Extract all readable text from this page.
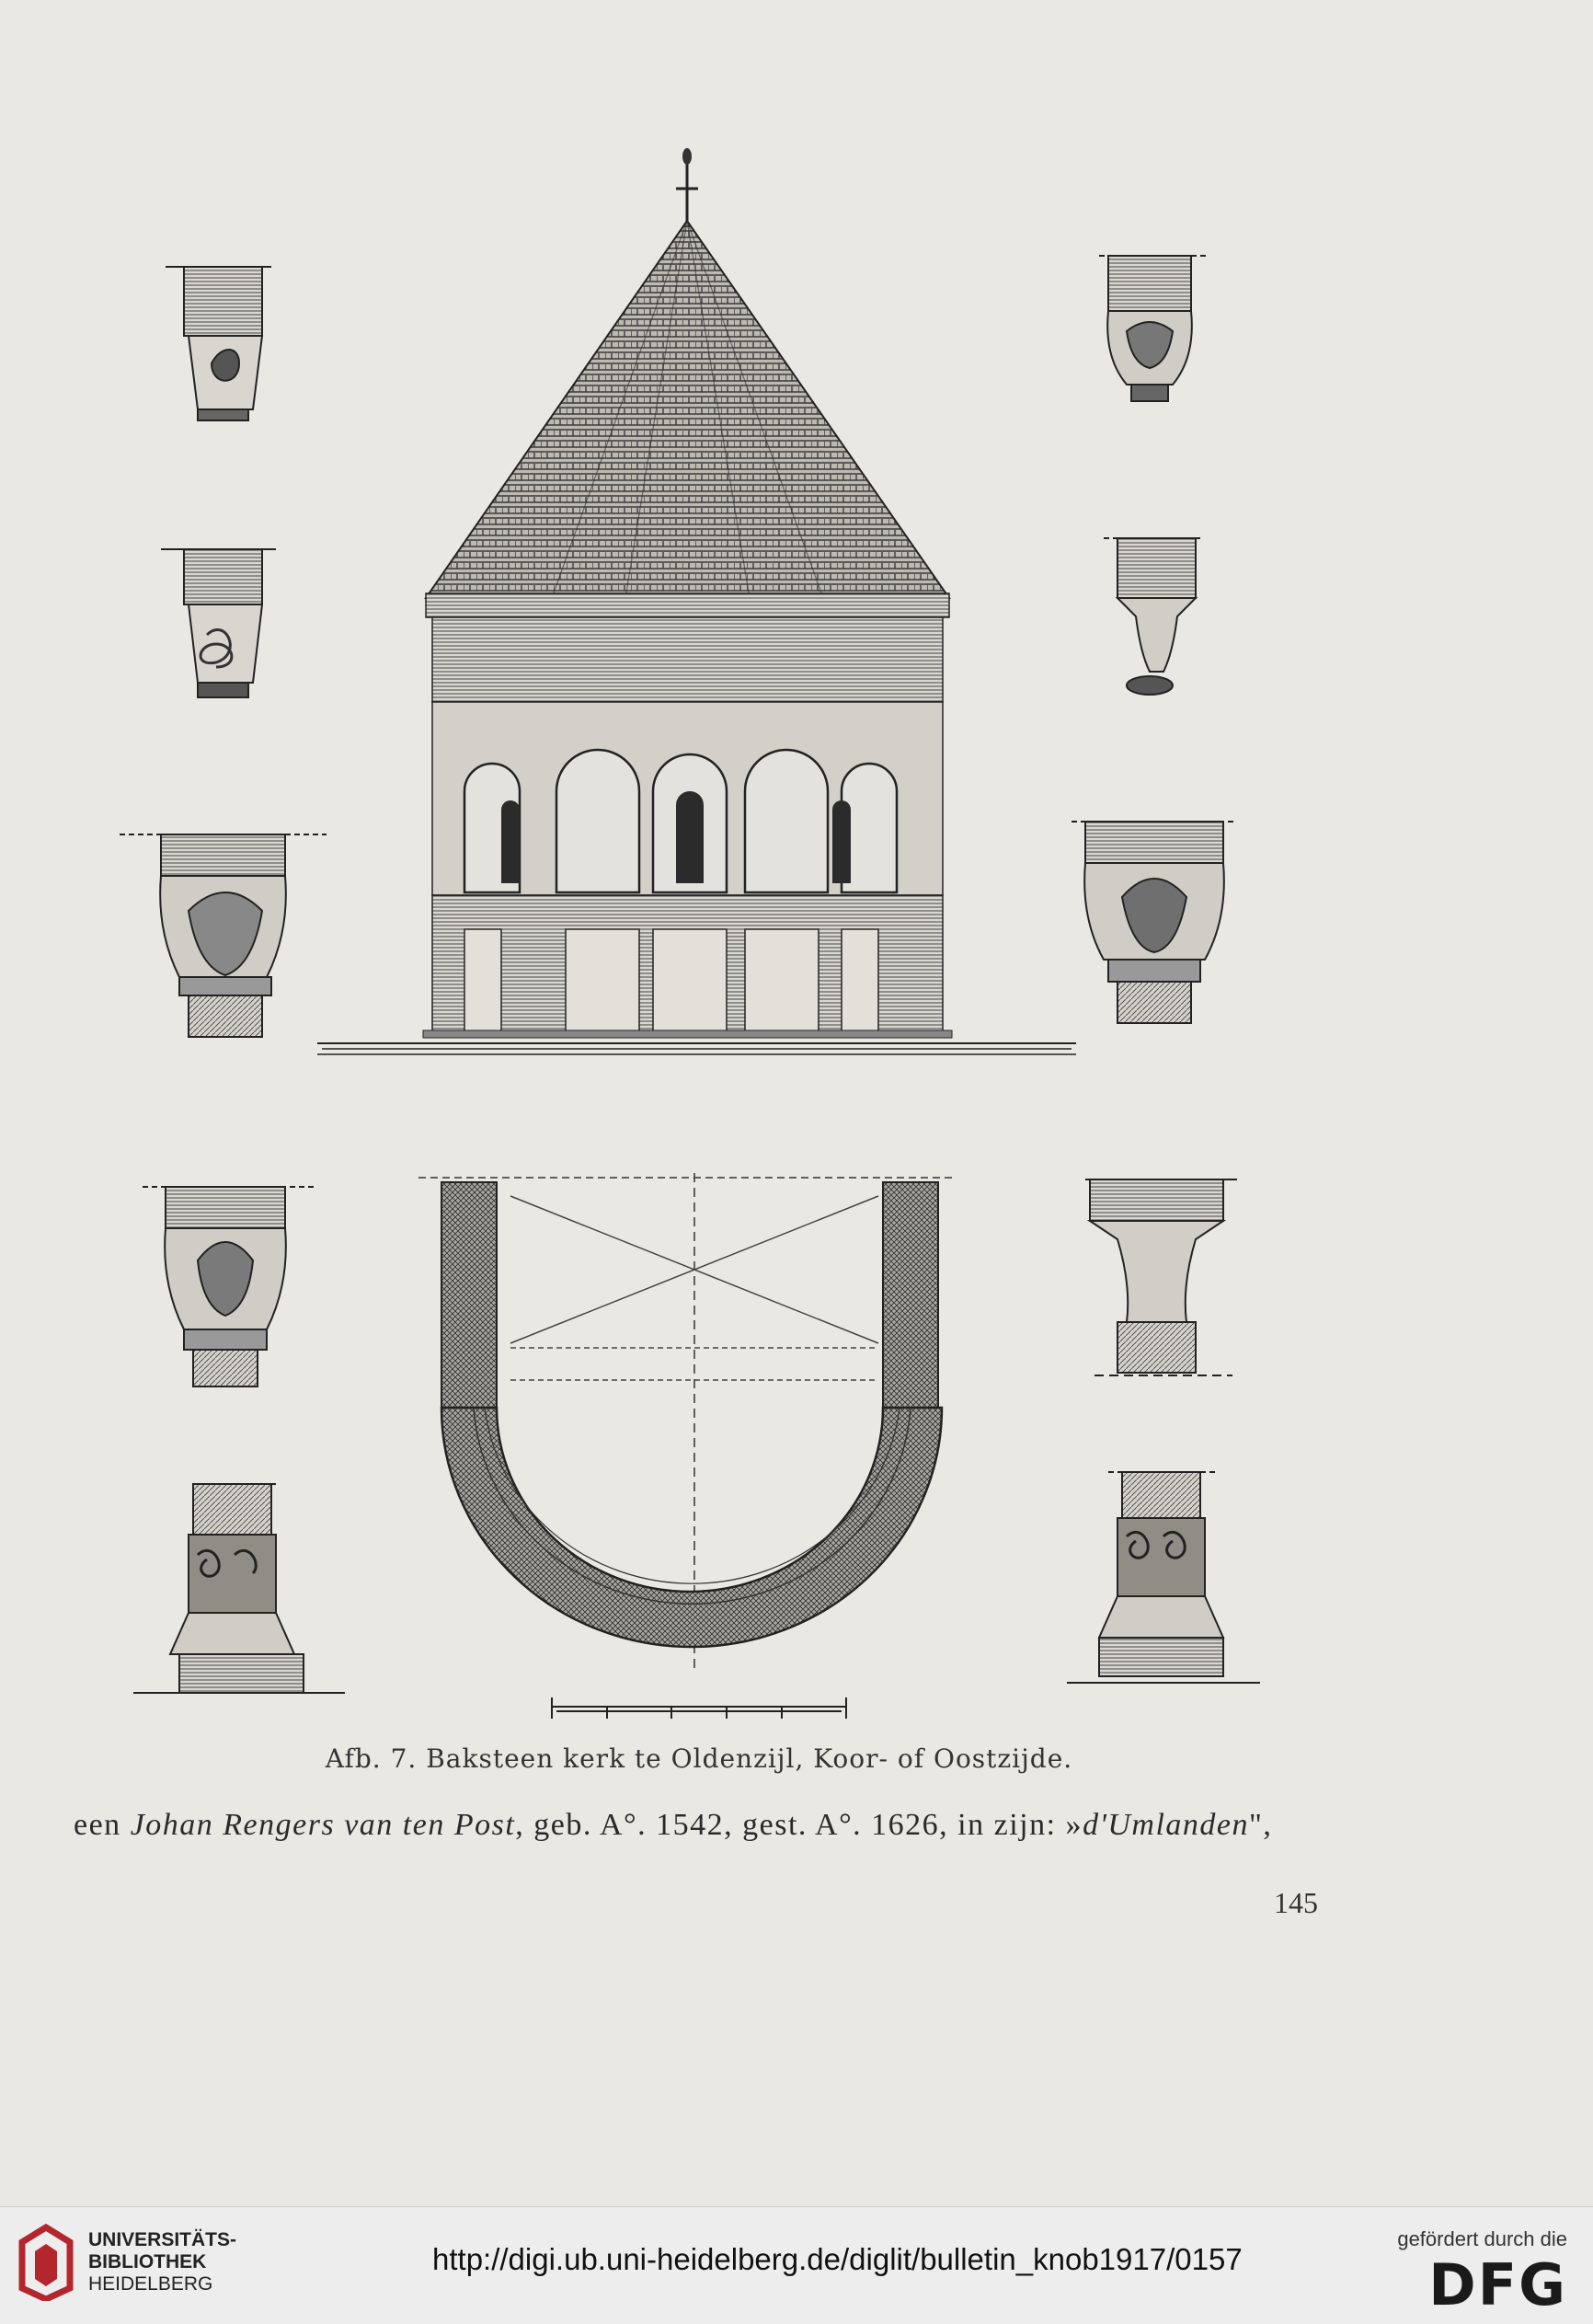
Afb. 7. Baksteen kerk te Oldenzijl, Koor- of Oostzijde.
een Johan Rengers van ten Post, geb. A°. 1542, gest. A°. 1626, in zijn: »d'Umlanden",
145
UNIVERSITÄTS-
BIBLIOTHEK
HEIDELBERG
http://digi.ub.uni-heidelberg.de/diglit/bulletin_knob1917/0157
gefördert durch die
DFG
